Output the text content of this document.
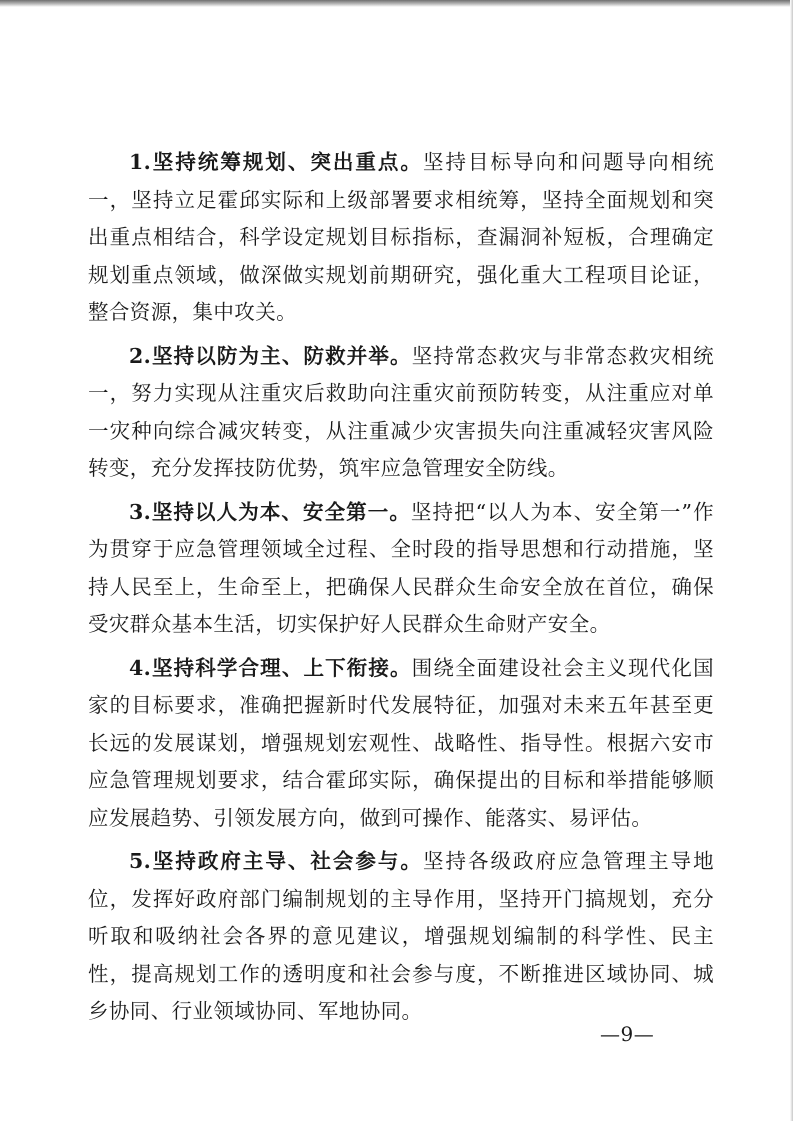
1.坚持统筹规划、突出重点。坚持目标导向和问题导向相统一，坚持立足霍邱实际和上级部署要求相统筹，坚持全面规划和突出重点相结合，科学设定规划目标指标，查漏洞补短板，合理确定规划重点领域，做深做实规划前期研究，强化重大工程项目论证，整合资源，集中攻关。

2.坚持以防为主、防救并举。坚持常态救灾与非常态救灾相统一，努力实现从注重灾后救助向注重灾前预防转变，从注重应对单一灾种向综合减灾转变，从注重减少灾害损失向注重减轻灾害风险转变，充分发挥技防优势，筑牢应急管理安全防线。

3.坚持以人为本、安全第一。坚持把“以人为本、安全第一”作为贯穿于应急管理领域全过程、全时段的指导思想和行动措施，坚持人民至上，生命至上，把确保人民群众生命安全放在首位，确保受灾群众基本生活，切实保护好人民群众生命财产安全。

4.坚持科学合理、上下衔接。围绕全面建设社会主义现代化国家的目标要求，准确把握新时代发展特征，加强对未来五年甚至更长远的发展谋划，增强规划宏观性、战略性、指导性。根据六安市应急管理规划要求，结合霍邱实际，确保提出的目标和举措能够顺应发展趋势、引领发展方向，做到可操作、能落实、易评估。

5.坚持政府主导、社会参与。坚持各级政府应急管理主导地位，发挥好政府部门编制规划的主导作用，坚持开门搞规划，充分听取和吸纳社会各界的意见建议，增强规划编制的科学性、民主性，提高规划工作的透明度和社会参与度，不断推进区域协同、城乡协同、行业领域协同、军地协同。

—9—
